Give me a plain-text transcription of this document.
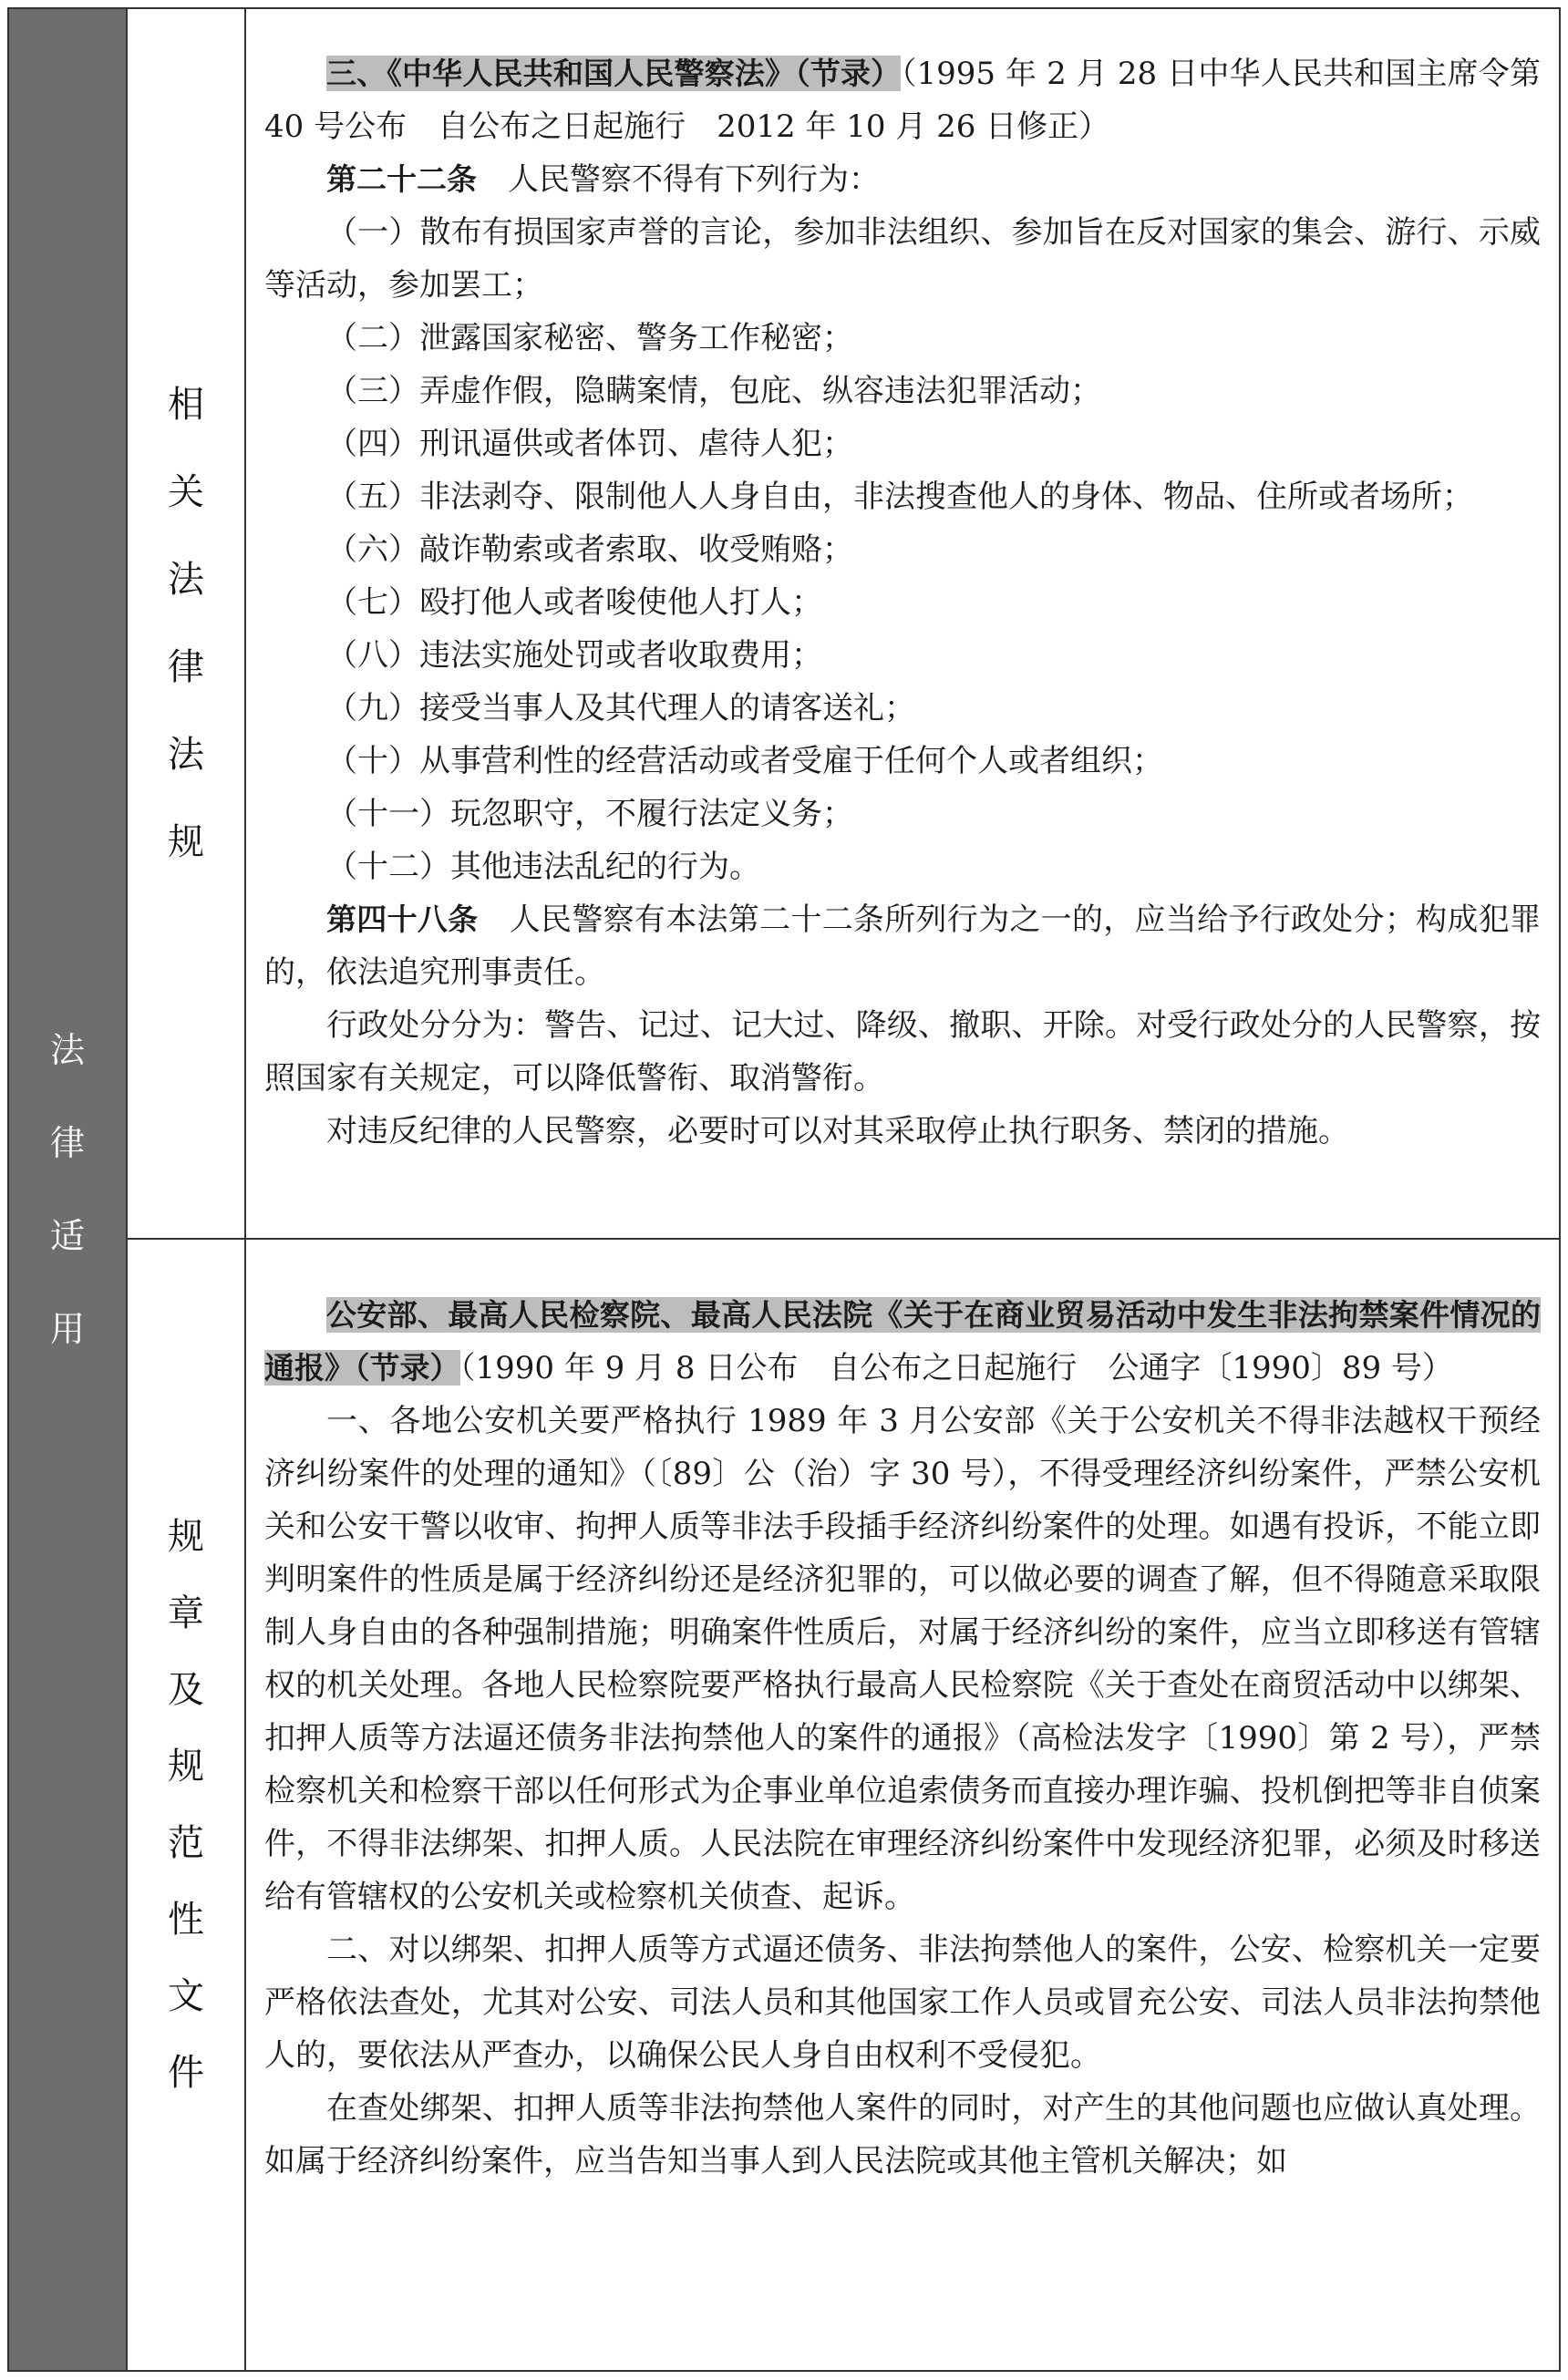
法
律
适
用
相
关
法
律
法
规

三、《中华人民共和国人民警察法》（节录）（1995 年 2 月 28 日中华人民共和国主席令第 40 号公布　自公布之日起施行　2012 年 10 月 26 日修正）

第二十二条　人民警察不得有下列行为：

（一）散布有损国家声誉的言论，参加非法组织、参加旨在反对国家的集会、游行、示威等活动，参加罢工；

（二）泄露国家秘密、警务工作秘密；

（三）弄虚作假，隐瞒案情，包庇、纵容违法犯罪活动；

（四）刑讯逼供或者体罚、虐待人犯；

（五）非法剥夺、限制他人人身自由，非法搜查他人的身体、物品、住所或者场所；

（六）敲诈勒索或者索取、收受贿赂；

（七）殴打他人或者唆使他人打人；

（八）违法实施处罚或者收取费用；

（九）接受当事人及其代理人的请客送礼；

（十）从事营利性的经营活动或者受雇于任何个人或者组织；

（十一）玩忽职守，不履行法定义务；

（十二）其他违法乱纪的行为。

第四十八条　人民警察有本法第二十二条所列行为之一的，应当给予行政处分；构成犯罪的，依法追究刑事责任。

行政处分分为：警告、记过、记大过、降级、撤职、开除。对受行政处分的人民警察，按照国家有关规定，可以降低警衔、取消警衔。

对违反纪律的人民警察，必要时可以对其采取停止执行职务、禁闭的措施。

规
章
及
规
范
性
文
件

公安部、最高人民检察院、最高人民法院《关于在商业贸易活动中发生非法拘禁案件情况的通报》（节录）（1990 年 9 月 8 日公布　自公布之日起施行　公通字〔1990〕89 号）

一、各地公安机关要严格执行 1989 年 3 月公安部《关于公安机关不得非法越权干预经济纠纷案件的处理的通知》（〔89〕公（治）字 30 号），不得受理经济纠纷案件，严禁公安机关和公安干警以收审、拘押人质等非法手段插手经济纠纷案件的处理。如遇有投诉，不能立即判明案件的性质是属于经济纠纷还是经济犯罪的，可以做必要的调查了解，但不得随意采取限制人身自由的各种强制措施；明确案件性质后，对属于经济纠纷的案件，应当立即移送有管辖权的机关处理。各地人民检察院要严格执行最高人民检察院《关于查处在商贸活动中以绑架、扣押人质等方法逼还债务非法拘禁他人的案件的通报》（高检法发字〔1990〕第 2 号），严禁检察机关和检察干部以任何形式为企事业单位追索债务而直接办理诈骗、投机倒把等非自侦案件，不得非法绑架、扣押人质。人民法院在审理经济纠纷案件中发现经济犯罪，必须及时移送给有管辖权的公安机关或检察机关侦查、起诉。

二、对以绑架、扣押人质等方式逼还债务、非法拘禁他人的案件，公安、检察机关一定要严格依法查处，尤其对公安、司法人员和其他国家工作人员或冒充公安、司法人员非法拘禁他人的，要依法从严查办，以确保公民人身自由权利不受侵犯。

在查处绑架、扣押人质等非法拘禁他人案件的同时，对产生的其他问题也应做认真处理。如属于经济纠纷案件，应当告知当事人到人民法院或其他主管机关解决；如
